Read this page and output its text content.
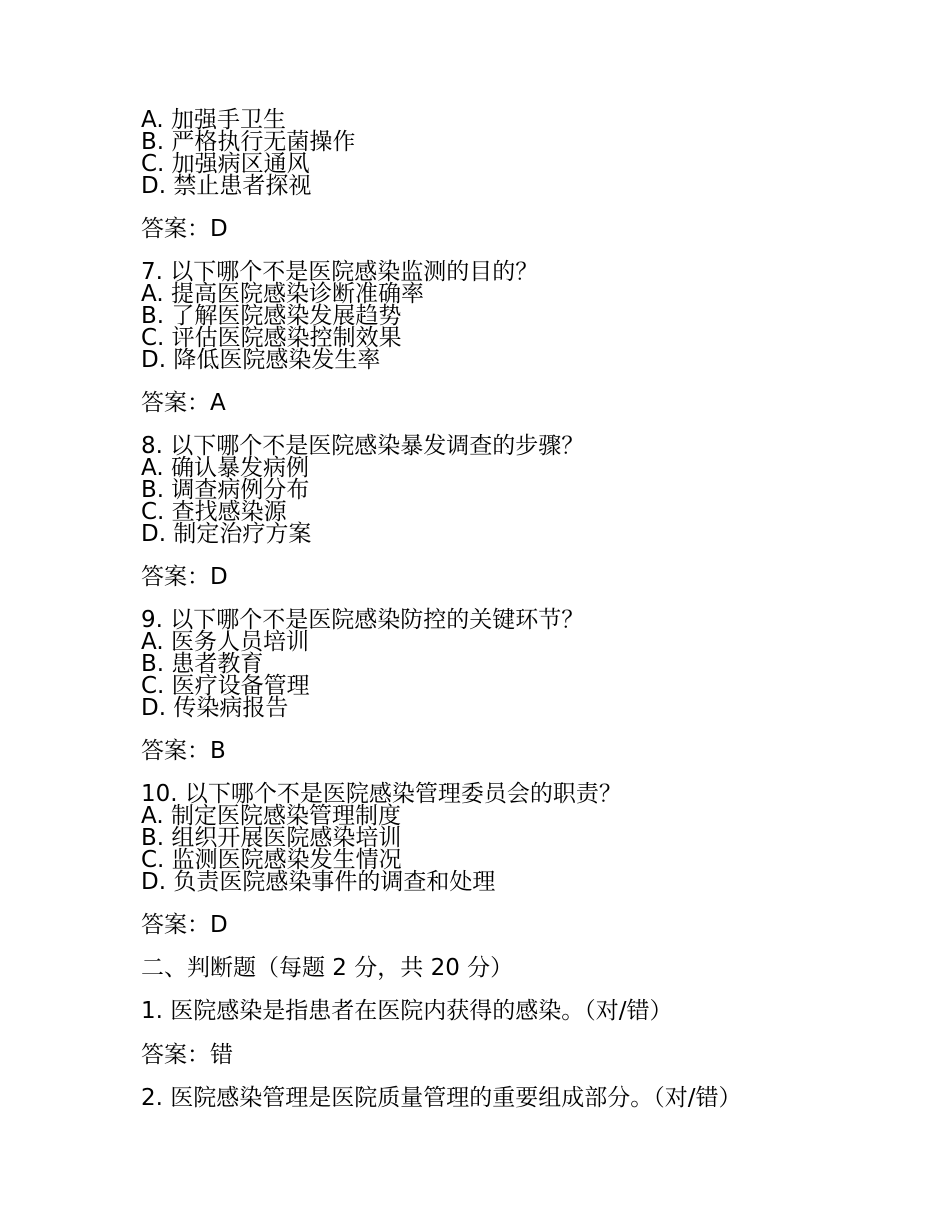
A. 加强手卫生
B. 严格执行无菌操作
C. 加强病区通风
D. 禁止患者探视
答案：D
7. 以下哪个不是医院感染监测的目的？
A. 提高医院感染诊断准确率
B. 了解医院感染发展趋势
C. 评估医院感染控制效果
D. 降低医院感染发生率
答案：A
8. 以下哪个不是医院感染暴发调查的步骤？
A. 确认暴发病例
B. 调查病例分布
C. 查找感染源
D. 制定治疗方案
答案：D
9. 以下哪个不是医院感染防控的关键环节？
A. 医务人员培训
B. 患者教育
C. 医疗设备管理
D. 传染病报告
答案：B
10. 以下哪个不是医院感染管理委员会的职责？
A. 制定医院感染管理制度
B. 组织开展医院感染培训
C. 监测医院感染发生情况
D. 负责医院感染事件的调查和处理
答案：D
二、判断题（每题 2 分，共 20 分）
1. 医院感染是指患者在医院内获得的感染。（对/错）
答案：错
2. 医院感染管理是医院质量管理的重要组成部分。（对/错）
